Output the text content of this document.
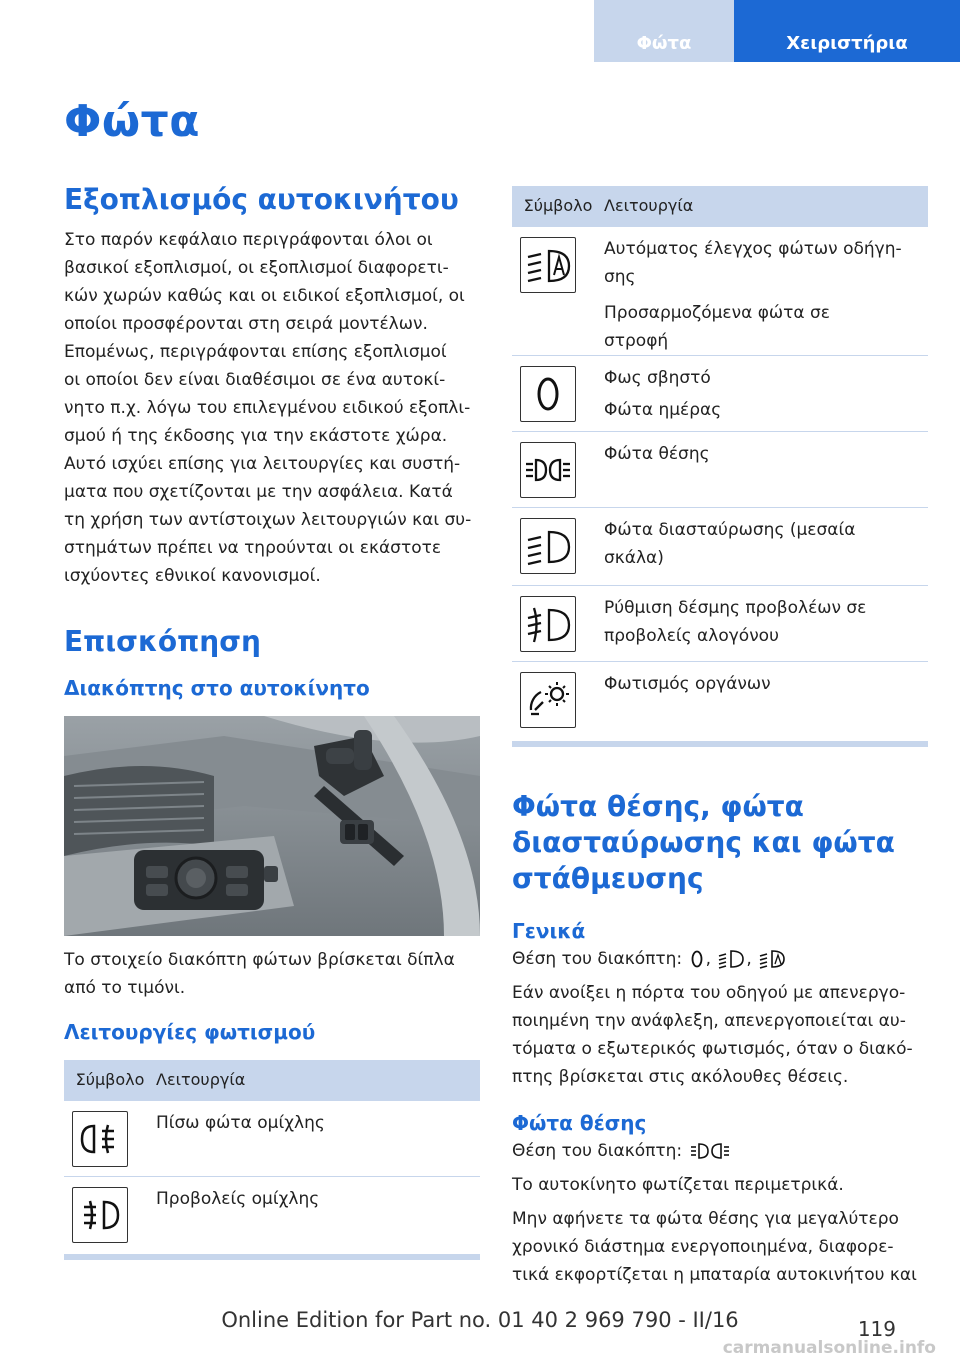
Φώτα	Χειριστήρια
Φώτα
Εξοπλισμός αυτοκινήτου

Στο παρόν κεφάλαιο περιγράφονται όλοι οι

βασικοί εξοπλισμοί, οι εξοπλισμοί διαφορετι‐

κών χωρών καθώς και οι ειδικοί εξοπλισμοί, οι

οποίοι προσφέρονται στη σειρά μοντέλων.

Επομένως, περιγράφονται επίσης εξοπλισμοί

οι οποίοι δεν είναι διαθέσιμοι σε ένα αυτοκί‐

νητο π.χ. λόγω του επιλεγμένου ειδικού εξοπλι‐

σμού ή της έκδοσης για την εκάστοτε χώρα.

Αυτό ισχύει επίσης για λειτουργίες και συστή‐

ματα που σχετίζονται με την ασφάλεια. Κατά

τη χρήση των αντίστοιχων λειτουργιών και συ‐

στημάτων πρέπει να τηρούνται οι εκάστοτε

ισχύοντες εθνικοί κανονισμοί.

Επισκόπηση
Διακόπτης στο αυτοκίνητο

Το στοιχείο διακόπτη φώτων βρίσκεται δίπλα

από το τιμόνι.

Λειτουργίες φωτισμού
Σύμβολο	Λειτουργία

Πίσω φώτα ομίχλης

Προβολείς ομίχλης

Σύμβολο	Λειτουργία

Αυτόματος έλεγχος φώτων οδήγη‐

σης

Προσαρμοζόμενα φώτα σε

στροφή

Φως σβηστό

Φώτα ημέρας

Φώτα θέσης

Φώτα διασταύρωσης (μεσαία

σκάλα)

Ρύθμιση δέσμης προβολέων σε

προβολείς αλογόνου

Φωτισμός οργάνων

Φώτα θέσης, φώτα
διασταύρωσης και φώτα
στάθμευσης
Γενικά

Θέση του διακόπτη: , ,

Εάν ανοίξει η πόρτα του οδηγού με απενεργο‐

ποιημένη την ανάφλεξη, απενεργοποιείται αυ‐

τόματα ο εξωτερικός φωτισμός, όταν ο διακό‐

πτης βρίσκεται στις ακόλουθες θέσεις.

Φώτα θέσης

Θέση του διακόπτη:

Το αυτοκίνητο φωτίζεται περιμετρικά.

Μην αφήνετε τα φώτα θέσης για μεγαλύτερο

χρονικό διάστημα ενεργοποιημένα, διαφορε‐

τικά εκφορτίζεται η μπαταρία αυτοκινήτου και

119
Online Edition for Part no. 01 40 2 969 790 - II/16
carmanualsonline.info
